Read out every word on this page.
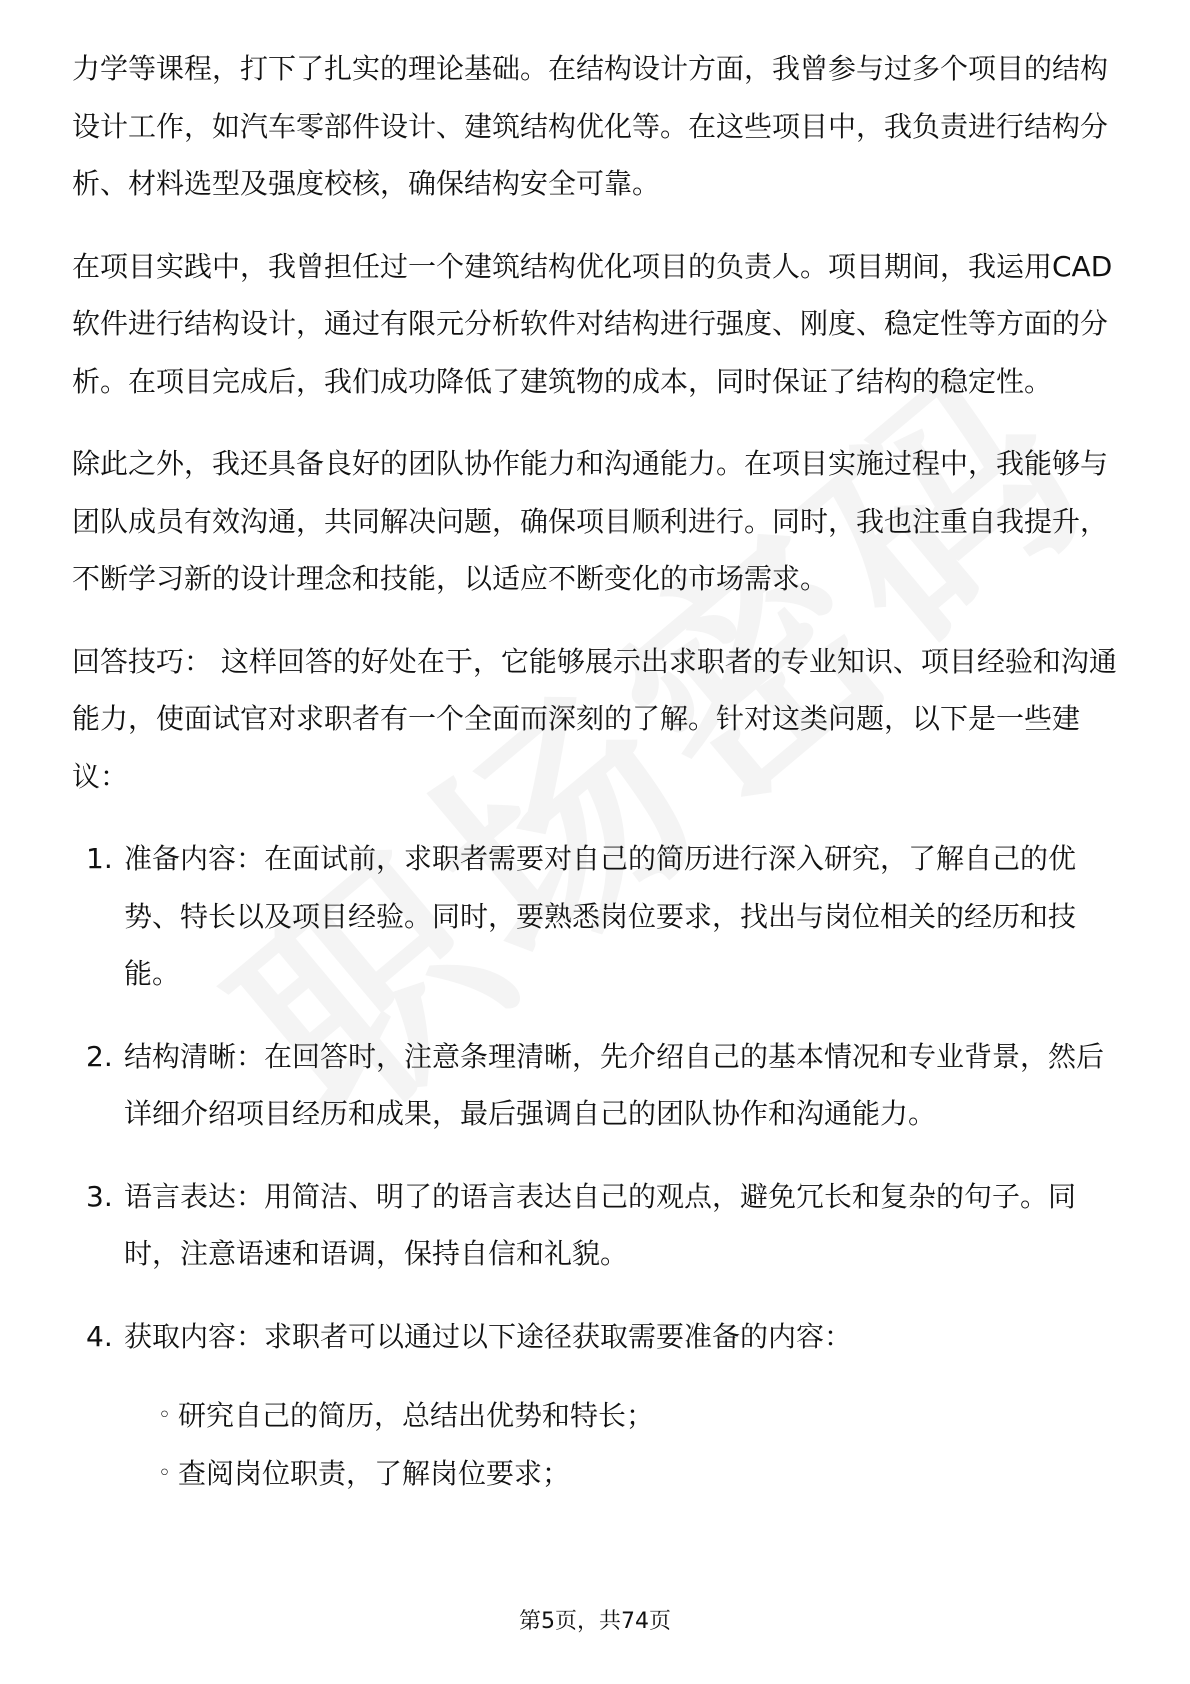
力学等课程，打下了扎实的理论基础。在结构设计方面，我曾参与过多个项目的结构设计工作，如汽车零部件设计、建筑结构优化等。在这些项目中，我负责进行结构分析、材料选型及强度校核，确保结构安全可靠。

在项目实践中，我曾担任过一个建筑结构优化项目的负责人。项目期间，我运用CAD软件进行结构设计，通过有限元分析软件对结构进行强度、刚度、稳定性等方面的分析。在项目完成后，我们成功降低了建筑物的成本，同时保证了结构的稳定性。

除此之外，我还具备良好的团队协作能力和沟通能力。在项目实施过程中，我能够与团队成员有效沟通，共同解决问题，确保项目顺利进行。同时，我也注重自我提升，不断学习新的设计理念和技能，以适应不断变化的市场需求。

回答技巧： 这样回答的好处在于，它能够展示出求职者的专业知识、项目经验和沟通能力，使面试官对求职者有一个全面而深刻的了解。针对这类问题，以下是一些建议：

1. 准备内容：在面试前，求职者需要对自己的简历进行深入研究，了解自己的优势、特长以及项目经验。同时，要熟悉岗位要求，找出与岗位相关的经历和技能。
2. 结构清晰：在回答时，注意条理清晰，先介绍自己的基本情况和专业背景，然后详细介绍项目经历和成果，最后强调自己的团队协作和沟通能力。
3. 语言表达：用简洁、明了的语言表达自己的观点，避免冗长和复杂的句子。同时，注意语速和语调，保持自信和礼貌。
4. 获取内容：求职者可以通过以下途径获取需要准备的内容：
◦ 研究自己的简历，总结出优势和特长；
◦ 查阅岗位职责，了解岗位要求；
第5页，共74页
